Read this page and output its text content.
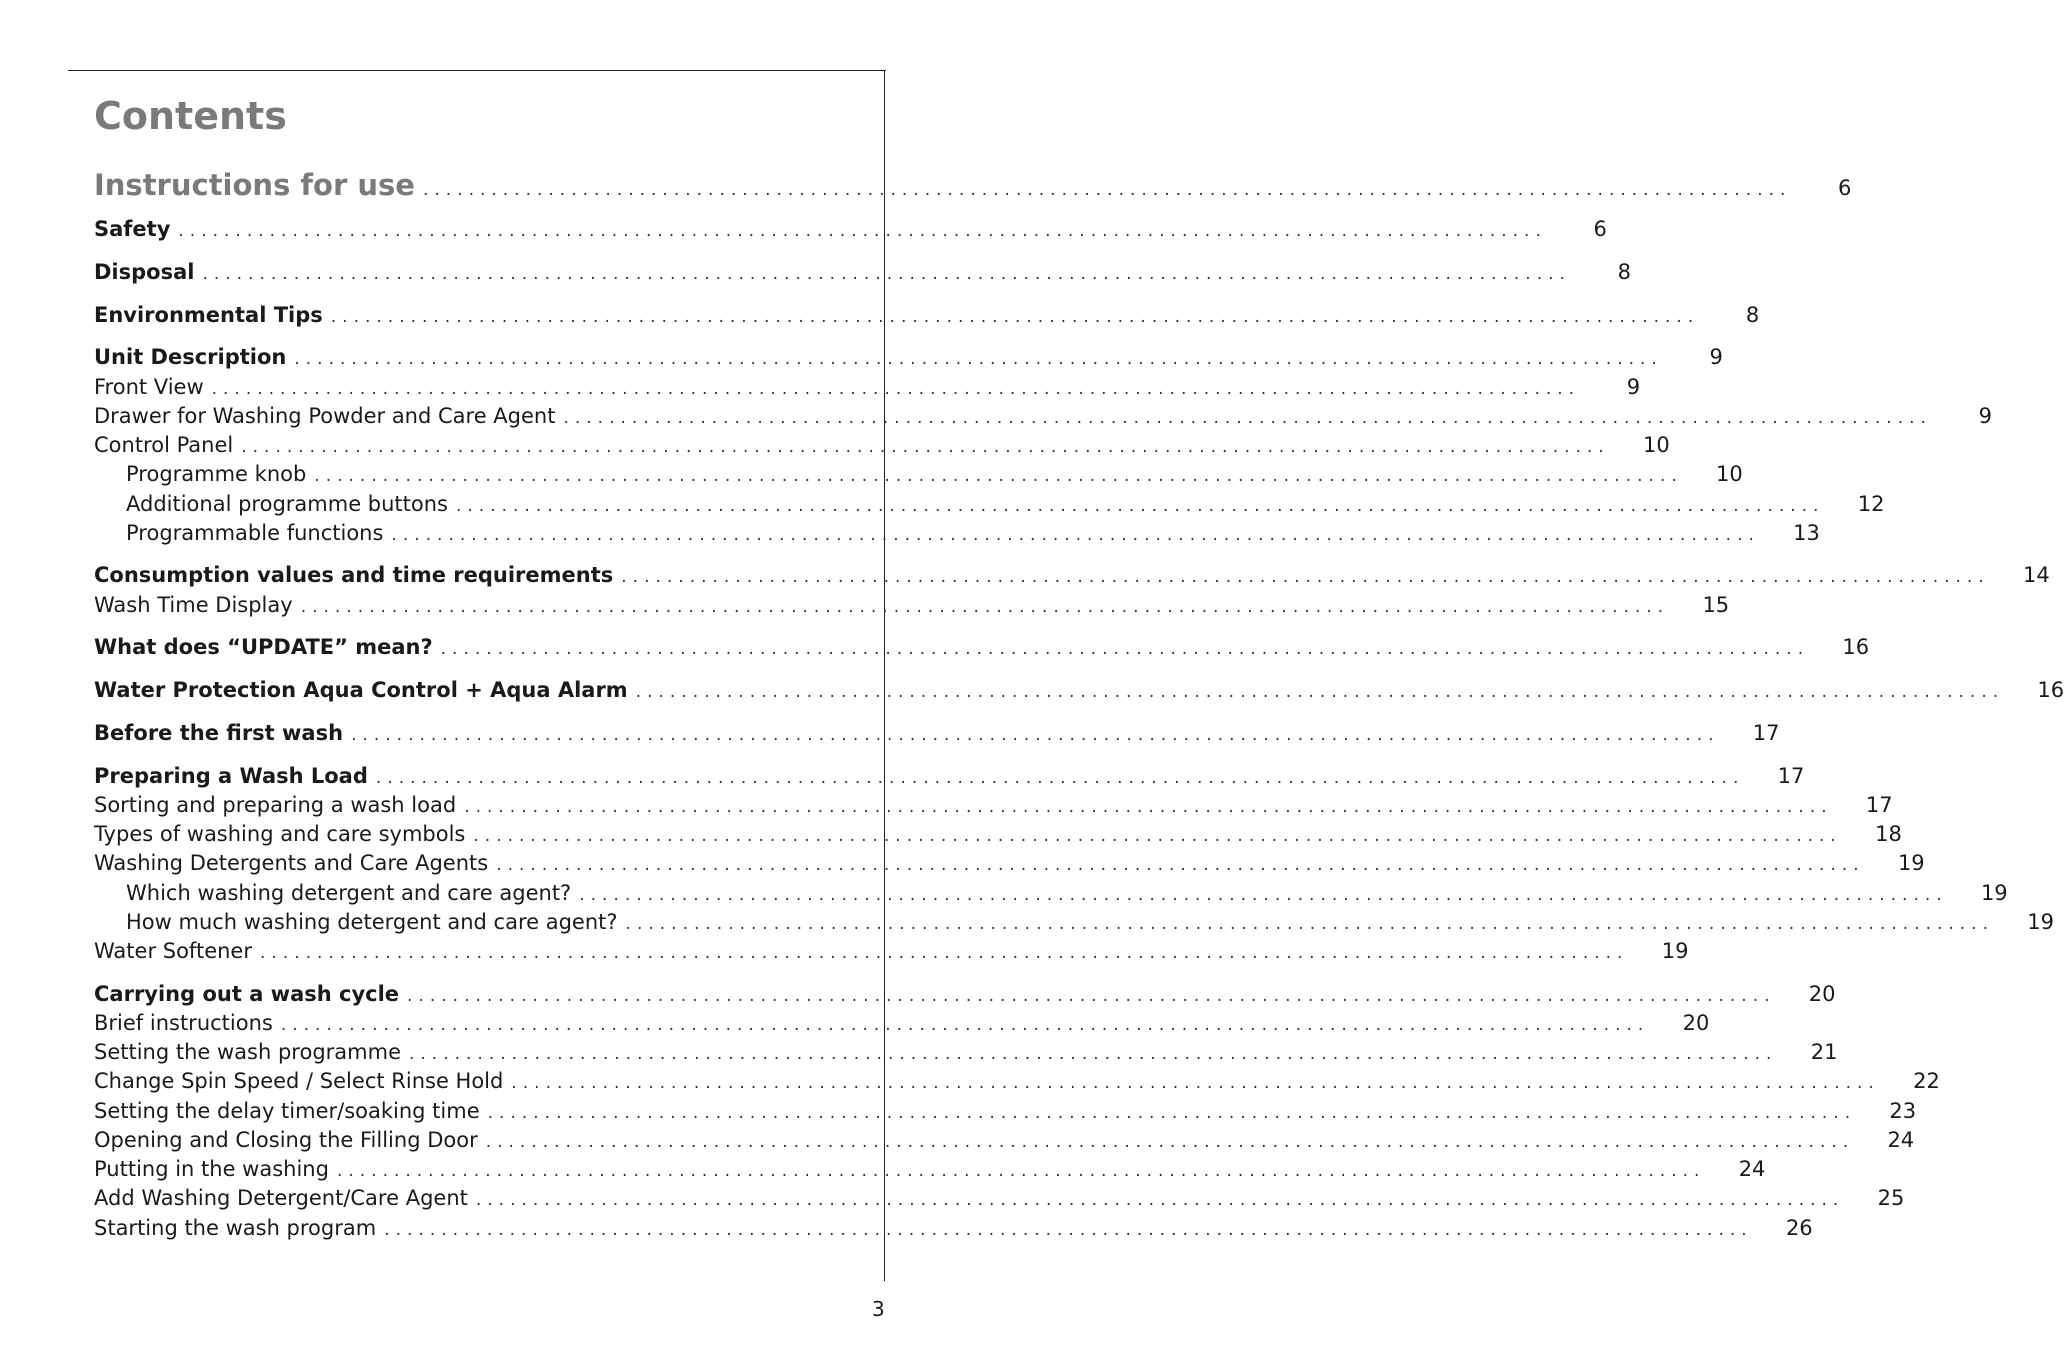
Contents
Instructions for use ........................................................................................................................	6
Safety ........................................................................................................................	6
Disposal ........................................................................................................................	8
Environmental Tips ........................................................................................................................	8
Unit Description ........................................................................................................................	9
Front View ........................................................................................................................	9
Drawer for Washing Powder and Care Agent ........................................................................................................................	9
Control Panel ........................................................................................................................	10
Programme knob ........................................................................................................................	10
Additional programme buttons ........................................................................................................................	12
Programmable functions ........................................................................................................................	13
Consumption values and time requirements ........................................................................................................................	14
Wash Time Display ........................................................................................................................	15
What does “UPDATE” mean? ........................................................................................................................	16
Water Protection Aqua Control + Aqua Alarm ........................................................................................................................	16
Before the first wash ........................................................................................................................	17
Preparing a Wash Load ........................................................................................................................	17
Sorting and preparing a wash load ........................................................................................................................	17
Types of washing and care symbols ........................................................................................................................	18
Washing Detergents and Care Agents ........................................................................................................................	19
Which washing detergent and care agent? ........................................................................................................................	19
How much washing detergent and care agent? ........................................................................................................................	19
Water Softener ........................................................................................................................	19
Carrying out a wash cycle ........................................................................................................................	20
Brief instructions ........................................................................................................................	20
Setting the wash programme ........................................................................................................................	21
Change Spin Speed / Select Rinse Hold ........................................................................................................................	22
Setting the delay timer/soaking time ........................................................................................................................	23
Opening and Closing the Filling Door ........................................................................................................................	24
Putting in the washing ........................................................................................................................	24
Add Washing Detergent/Care Agent ........................................................................................................................	25
Starting the wash program ........................................................................................................................	26
3
